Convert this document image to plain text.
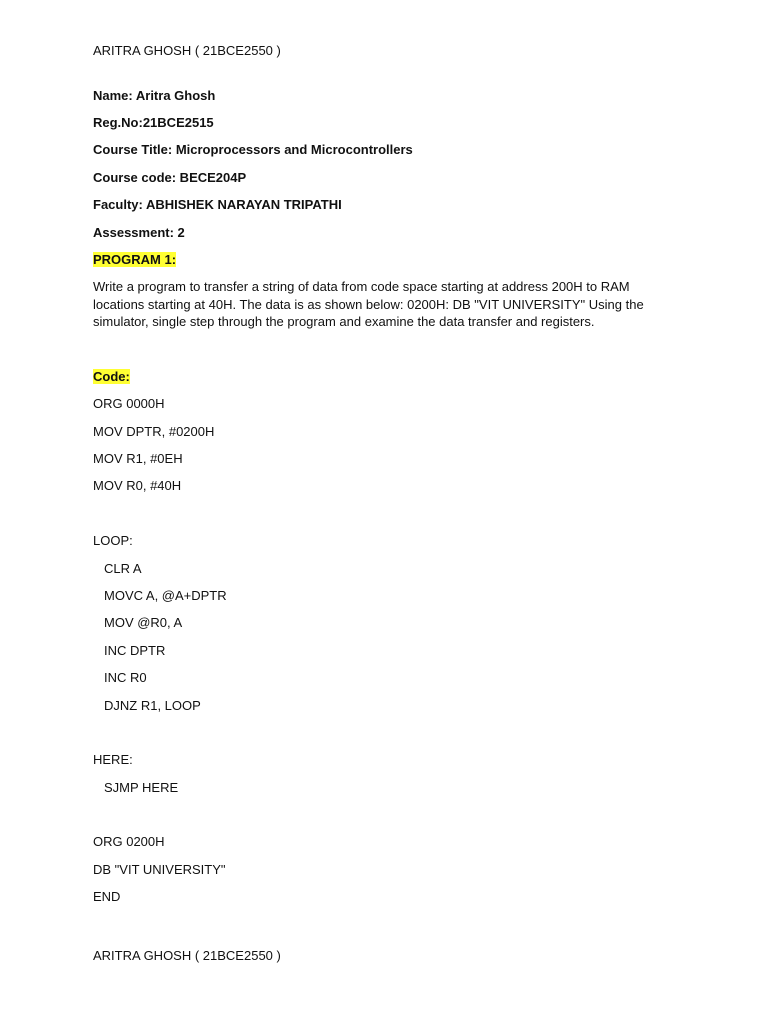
ARITRA GHOSH ( 21BCE2550 )
Name: Aritra Ghosh
Reg.No:21BCE2515
Course Title: Microprocessors and Microcontrollers
Course code: BECE204P
Faculty: ABHISHEK NARAYAN TRIPATHI
Assessment: 2
PROGRAM 1:
Write a program to transfer a string of data from code space starting at address 200H to RAM locations starting at 40H. The data is as shown below: 0200H: DB "VIT UNIVERSITY" Using the simulator, single step through the program and examine the data transfer and registers.
Code:
ORG 0000H
MOV DPTR, #0200H
MOV R1, #0EH
MOV R0, #40H
LOOP:
CLR A
MOVC A, @A+DPTR
MOV @R0, A
INC DPTR
INC R0
DJNZ R1, LOOP
HERE:
SJMP HERE
ORG 0200H
DB "VIT UNIVERSITY"
END
ARITRA GHOSH ( 21BCE2550 )
